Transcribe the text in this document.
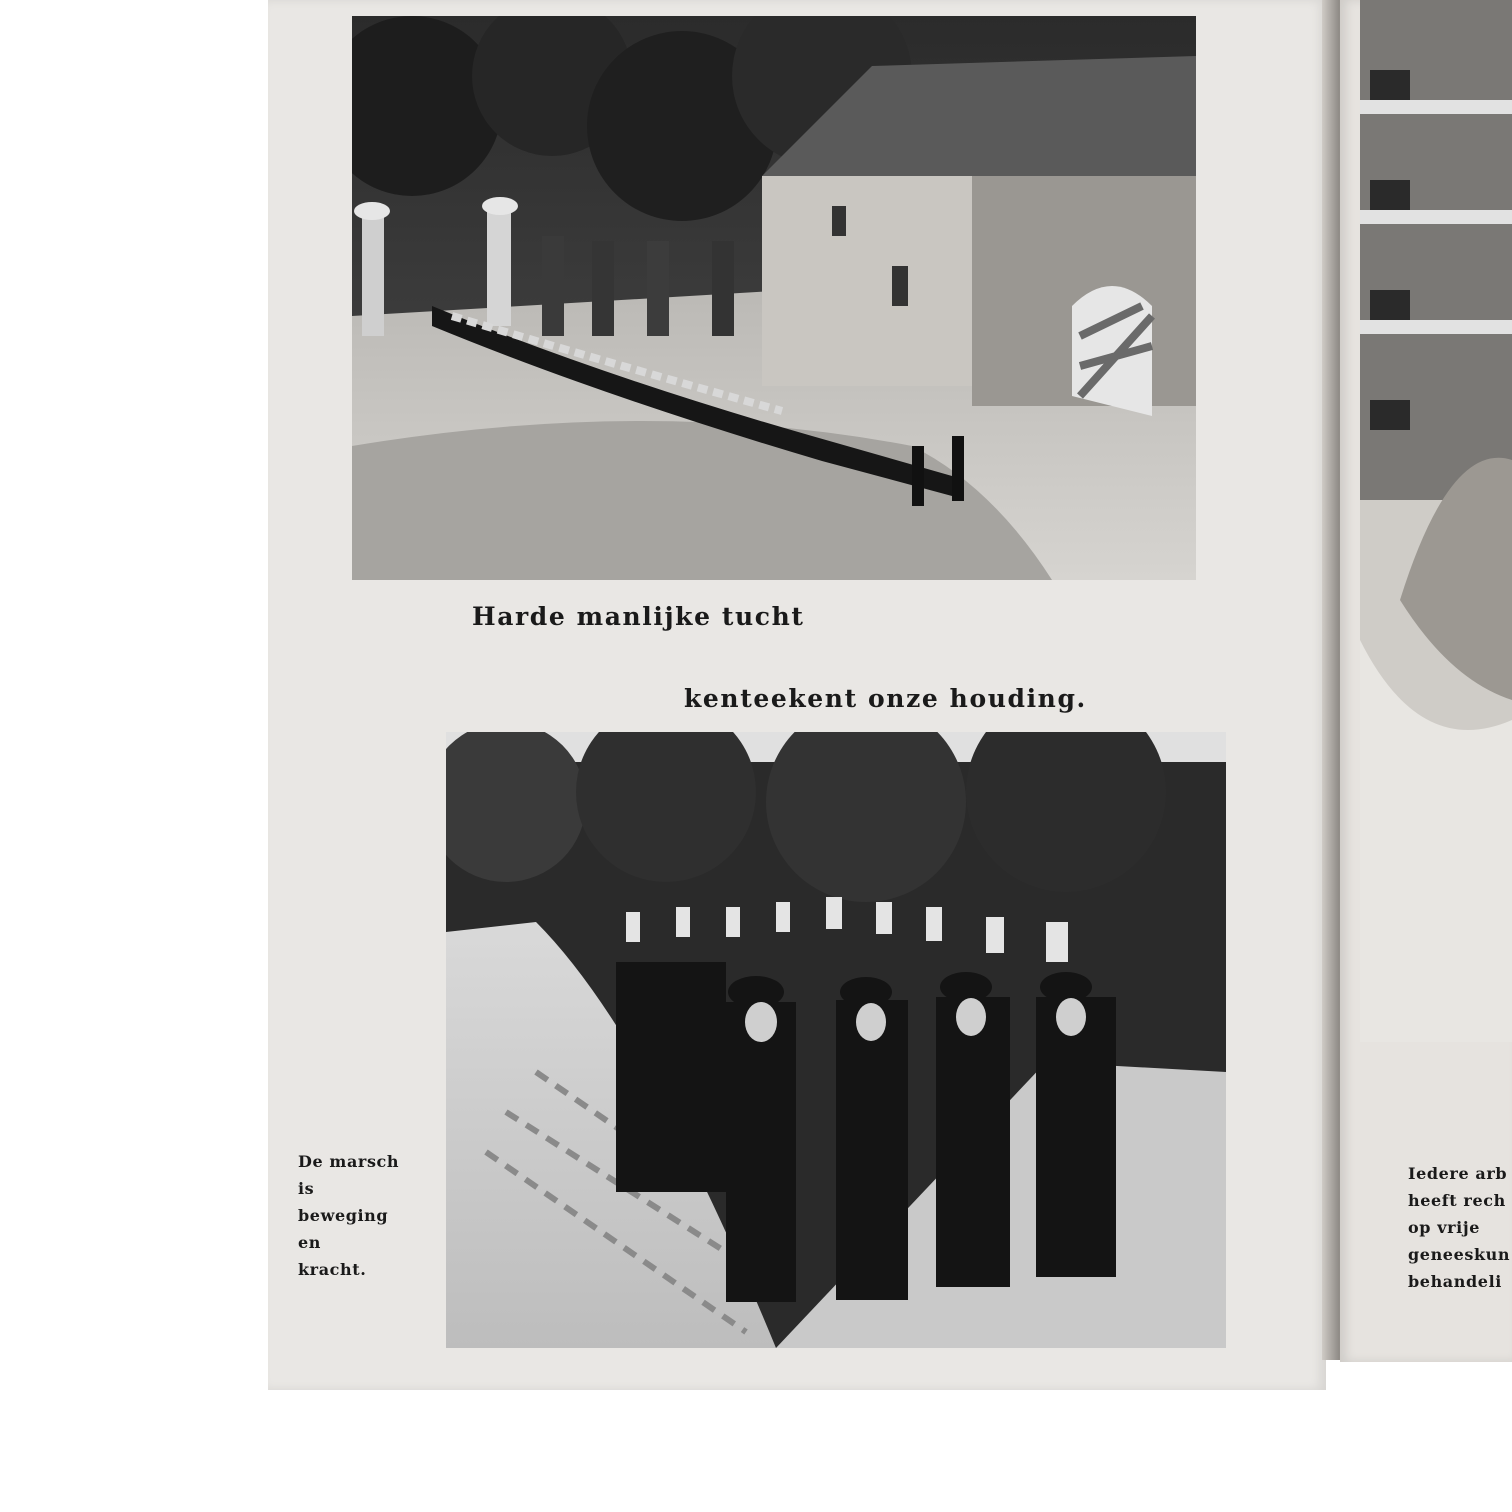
Harde manlijke tucht
kenteekent onze houding.
De marsch
is
beweging
en
kracht.
Iedere arb
heeft rech
op vrije
geneeskun
behandeli
